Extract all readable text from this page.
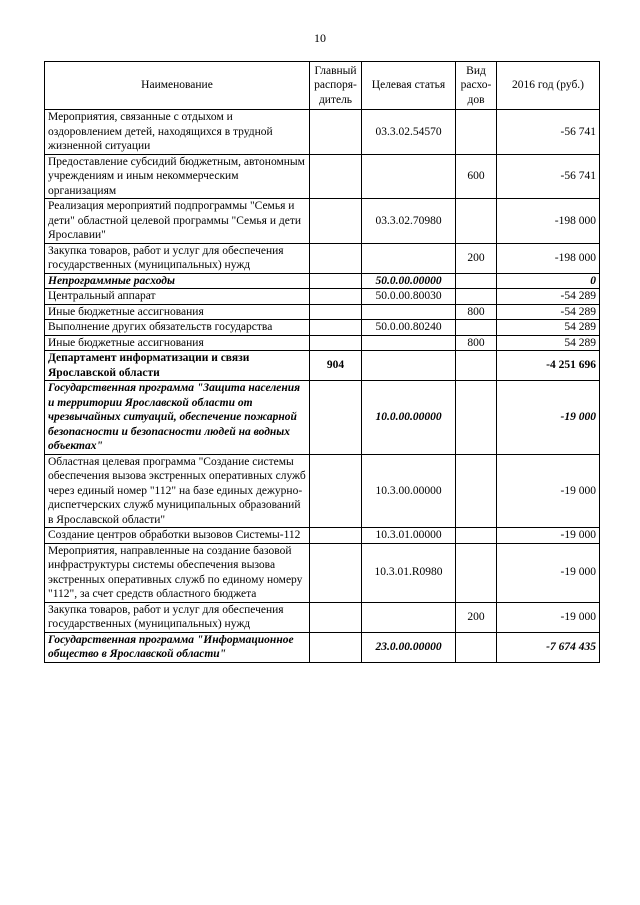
10
Наименование	Главный распоря- дитель	Целевая статья	Вид расхо- дов	2016 год (руб.)
Мероприятия, связанные с отдыхом и оздоровлением детей, находящихся в трудной жизненной ситуации		03.3.02.54570		-56 741
Предоставление субсидий бюджетным, автономным учреждениям и иным некоммерческим организациям			600	-56 741
Реализация мероприятий подпрограммы "Семья и дети" областной целевой программы "Семья и дети Ярославии"		03.3.02.70980		-198 000
Закупка товаров, работ и услуг для обеспечения государственных (муниципальных) нужд			200	-198 000
Непрограммные расходы		50.0.00.00000		0
Центральный аппарат		50.0.00.80030		-54 289
Иные бюджетные ассигнования			800	-54 289
Выполнение других обязательств государства		50.0.00.80240		54 289
Иные бюджетные ассигнования			800	54 289
Департамент информатизации и связи Ярославской области	904			-4 251 696
Государственная программа "Защита населения и территории Ярославской области от чрезвычайных ситуаций, обеспечение пожарной безопасности и безопасности людей на водных объектах"		10.0.00.00000		-19 000
Областная целевая программа "Создание системы обеспечения вызова экстренных оперативных служб через единый номер "112" на базе единых дежурно-диспетчерских служб муниципальных образований в Ярославской области"		10.3.00.00000		-19 000
Создание центров обработки вызовов Системы-112		10.3.01.00000		-19 000
Мероприятия, направленные на создание базовой инфраструктуры системы обеспечения вызова экстренных оперативных служб по единому номеру "112", за счет средств областного бюджета		10.3.01.R0980		-19 000
Закупка товаров, работ и услуг для обеспечения государственных (муниципальных) нужд			200	-19 000
Государственная программа "Информационное общество в Ярославской области"		23.0.00.00000		-7 674 435
